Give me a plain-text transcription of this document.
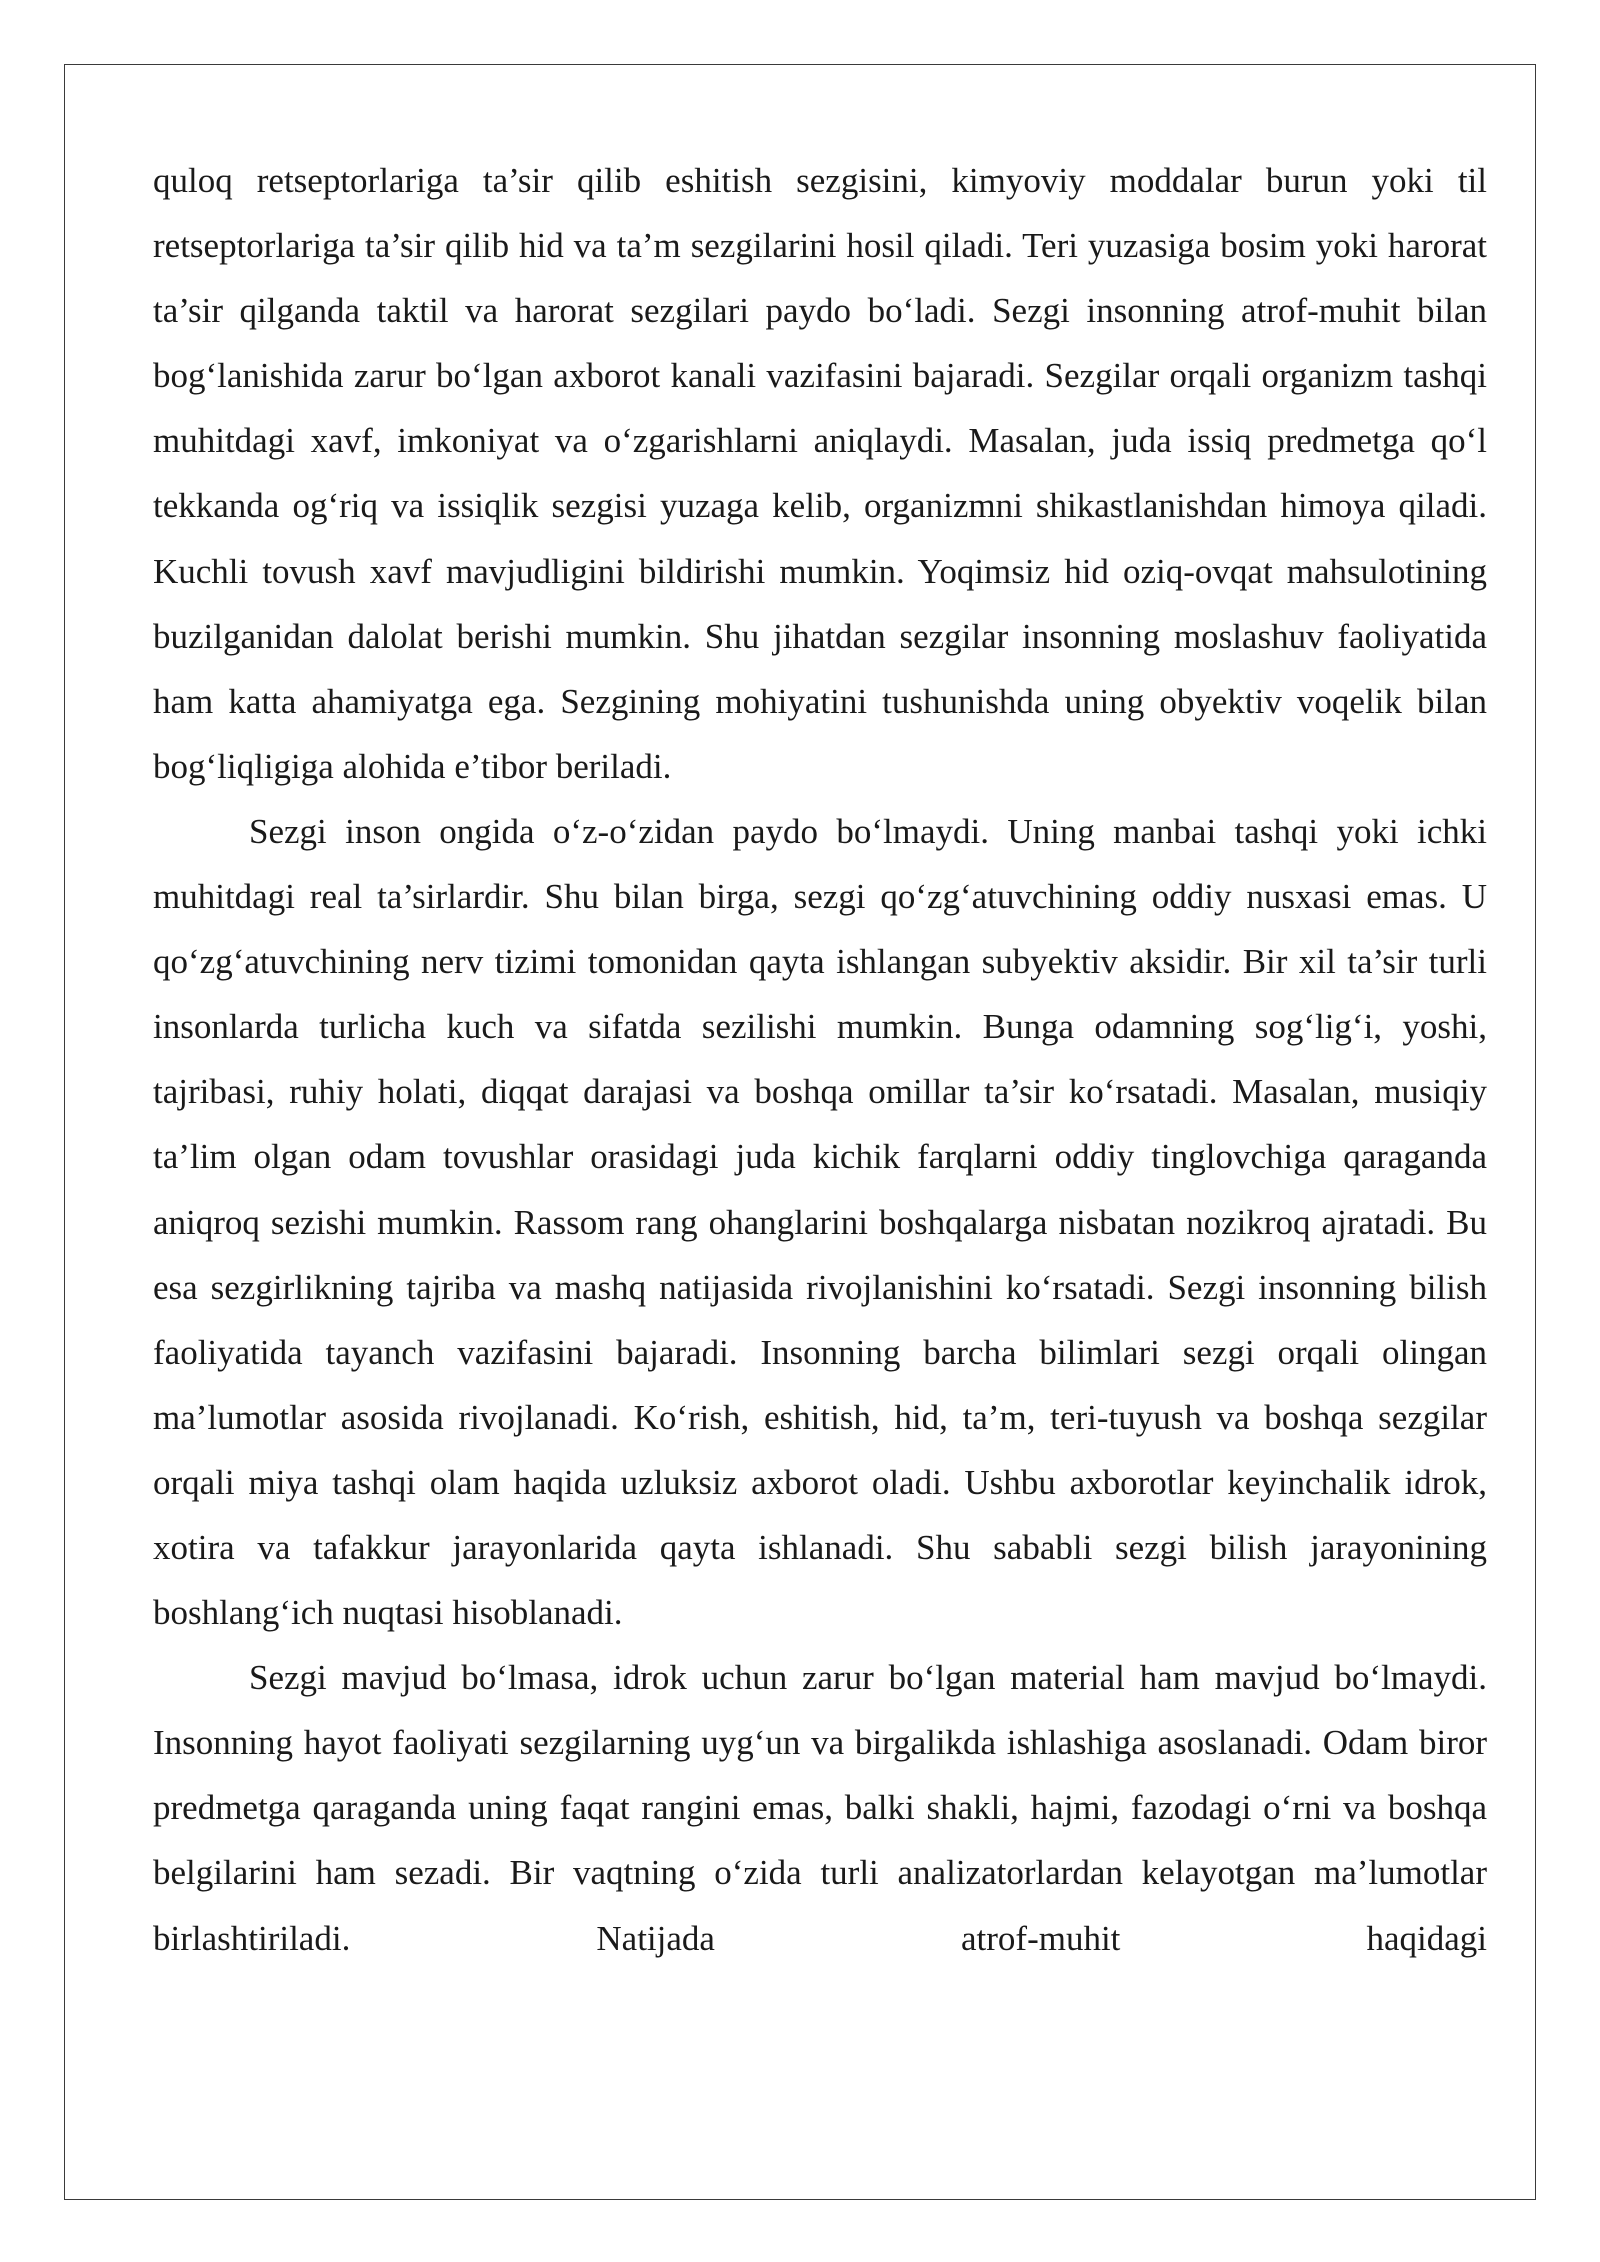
quloq retseptorlariga ta’sir qilib eshitish sezgisini, kimyoviy moddalar burun yoki til retseptorlariga ta’sir qilib hid va ta’m sezgilarini hosil qiladi. Teri yuzasiga bosim yoki harorat ta’sir qilganda taktil va harorat sezgilari paydo bo‘ladi. Sezgi insonning atrof-muhit bilan bog‘lanishida zarur bo‘lgan axborot kanali vazifasini bajaradi. Sezgilar orqali organizm tashqi muhitdagi xavf, imkoniyat va o‘zgarishlarni aniqlaydi. Masalan, juda issiq predmetga qo‘l tekkanda og‘riq va issiqlik sezgisi yuzaga kelib, organizmni shikastlanishdan himoya qiladi. Kuchli tovush xavf mavjudligini bildirishi mumkin. Yoqimsiz hid oziq-ovqat mahsulotining buzilganidan dalolat berishi mumkin. Shu jihatdan sezgilar insonning moslashuv faoliyatida ham katta ahamiyatga ega. Sezgining mohiyatini tushunishda uning obyektiv voqelik bilan bog‘liqligiga alohida e’tibor beriladi.

Sezgi inson ongida o‘z-o‘zidan paydo bo‘lmaydi. Uning manbai tashqi yoki ichki muhitdagi real ta’sirlardir. Shu bilan birga, sezgi qo‘zg‘atuvchining oddiy nusxasi emas. U qo‘zg‘atuvchining nerv tizimi tomonidan qayta ishlangan subyektiv aksidir. Bir xil ta’sir turli insonlarda turlicha kuch va sifatda sezilishi mumkin. Bunga odamning sog‘lig‘i, yoshi, tajribasi, ruhiy holati, diqqat darajasi va boshqa omillar ta’sir ko‘rsatadi. Masalan, musiqiy ta’lim olgan odam tovushlar orasidagi juda kichik farqlarni oddiy tinglovchiga qaraganda aniqroq sezishi mumkin. Rassom rang ohanglarini boshqalarga nisbatan nozikroq ajratadi. Bu esa sezgirlikning tajriba va mashq natijasida rivojlanishini ko‘rsatadi. Sezgi insonning bilish faoliyatida tayanch vazifasini bajaradi. Insonning barcha bilimlari sezgi orqali olingan ma’lumotlar asosida rivojlanadi. Ko‘rish, eshitish, hid, ta’m, teri-tuyush va boshqa sezgilar orqali miya tashqi olam haqida uzluksiz axborot oladi. Ushbu axborotlar keyinchalik idrok, xotira va tafakkur jarayonlarida qayta ishlanadi. Shu sababli sezgi bilish jarayonining boshlang‘ich nuqtasi hisoblanadi.

Sezgi mavjud bo‘lmasa, idrok uchun zarur bo‘lgan material ham mavjud bo‘lmaydi. Insonning hayot faoliyati sezgilarning uyg‘un va birgalikda ishlashiga asoslanadi. Odam biror predmetga qaraganda uning faqat rangini emas, balki shakli, hajmi, fazodagi o‘rni va boshqa belgilarini ham sezadi. Bir vaqtning o‘zida turli analizatorlardan kelayotgan ma’lumotlar birlashtiriladi. Natijada atrof-muhit haqidagi
